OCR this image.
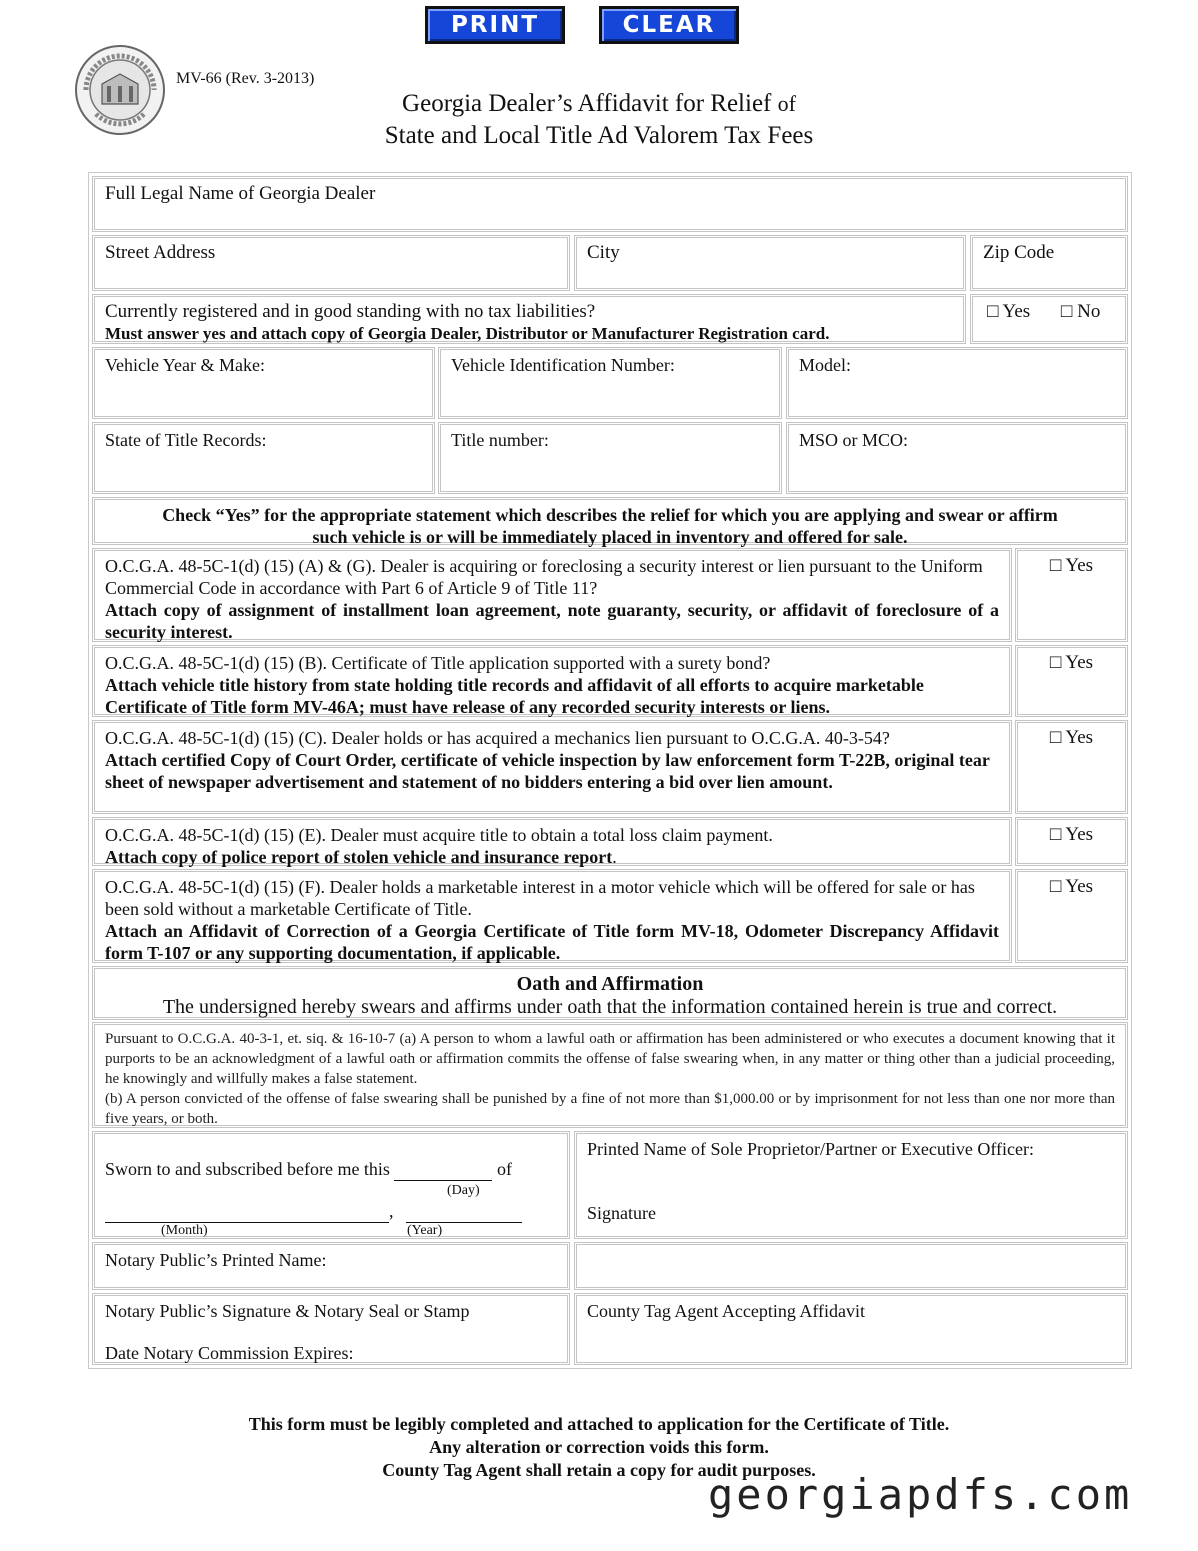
PRINT	CLEAR
MV-66 (Rev. 3-2013)
Georgia Dealer’s Affidavit for Relief of
State and Local Title Ad Valorem Tax Fees
Full Legal Name of Georgia Dealer
Street Address	City	Zip Code
Currently registered and in good standing with no tax liabilities?
Must answer yes and attach copy of Georgia Dealer, Distributor or Manufacturer Registration card.
□ Yes □ No
Vehicle Year & Make:	Vehicle Identification Number:	Model:
State of Title Records:	Title number:	MSO or MCO:
Check “Yes” for the appropriate statement which describes the relief for which you are applying and swear or affirm
such vehicle is or will be immediately placed in inventory and offered for sale.
O.C.G.A. 48-5C-1(d) (15) (A) & (G). Dealer is acquiring or foreclosing a security interest or lien pursuant to the Uniform Commercial Code in accordance with Part 6 of Article 9 of Title 11?
Attach copy of assignment of installment loan agreement, note guaranty, security, or affidavit of foreclosure of a security interest.
□ Yes
O.C.G.A. 48-5C-1(d) (15) (B). Certificate of Title application supported with a surety bond?
Attach vehicle title history from state holding title records and affidavit of all efforts to acquire marketable Certificate of Title form MV-46A; must have release of any recorded security interests or liens.
□ Yes
O.C.G.A. 48-5C-1(d) (15) (C). Dealer holds or has acquired a mechanics lien pursuant to O.C.G.A. 40-3-54?
Attach certified Copy of Court Order, certificate of vehicle inspection by law enforcement form T-22B, original tear sheet of newspaper advertisement and statement of no bidders entering a bid over lien amount.
□ Yes
O.C.G.A. 48-5C-1(d) (15) (E). Dealer must acquire title to obtain a total loss claim payment.
Attach copy of police report of stolen vehicle and insurance report.
□ Yes
O.C.G.A. 48-5C-1(d) (15) (F). Dealer holds a marketable interest in a motor vehicle which will be offered for sale or has been sold without a marketable Certificate of Title.
Attach an Affidavit of Correction of a Georgia Certificate of Title form MV-18, Odometer Discrepancy Affidavit form T-107 or any supporting documentation, if applicable.
□ Yes
Oath and Affirmation
The undersigned hereby swears and affirms under oath that the information contained herein is true and correct.
Pursuant to O.C.G.A. 40-3-1, et. siq. & 16-10-7 (a) A person to whom a lawful oath or affirmation has been administered or who executes a document knowing that it purports to be an acknowledgment of a lawful oath or affirmation commits the offense of false swearing when, in any matter or thing other than a judicial proceeding, he knowingly and willfully makes a false statement.
(b) A person convicted of the offense of false swearing shall be punished by a fine of not more than $1,000.00 or by imprisonment for not less than one nor more than five years, or both.
Sworn to and subscribed before me this	of
(Day)
,
(Month)	(Year)
Printed Name of Sole Proprietor/Partner or Executive Officer:
Signature
Notary Public’s Printed Name:
Notary Public’s Signature & Notary Seal or Stamp
Date Notary Commission Expires:
County Tag Agent Accepting Affidavit
This form must be legibly completed and attached to application for the Certificate of Title.
Any alteration or correction voids this form.
County Tag Agent shall retain a copy for audit purposes.
georgiapdfs.com
